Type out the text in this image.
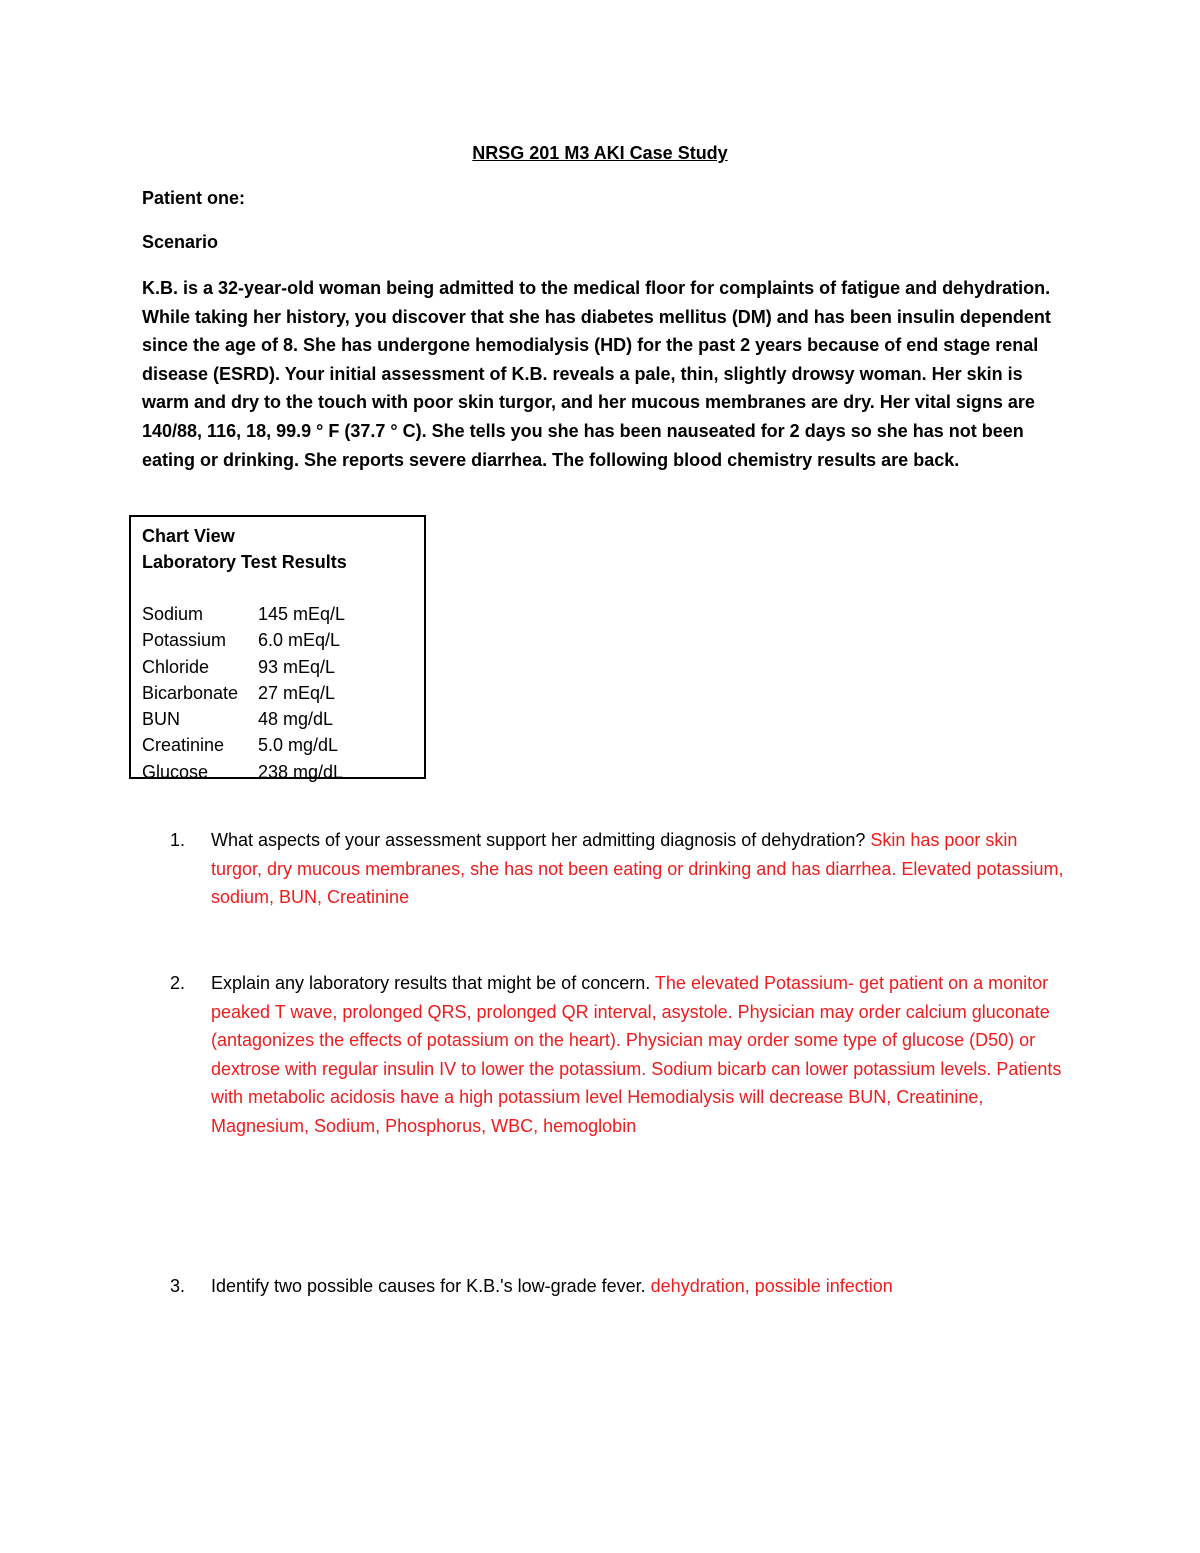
NRSG 201 M3 AKI Case Study
Patient one:
Scenario
K.B. is a 32-year-old woman being admitted to the medical floor for complaints of fatigue and dehydration. While taking her history, you discover that she has diabetes mellitus (DM) and has been insulin dependent since the age of 8. She has undergone hemodialysis (HD) for the past 2 years because of end stage renal disease (ESRD). Your initial assessment of K.B. reveals a pale, thin, slightly drowsy woman. Her skin is warm and dry to the touch with poor skin turgor, and her mucous membranes are dry. Her vital signs are 140/88, 116, 18, 99.9 ° F (37.7 ° C). She tells you she has been nauseated for 2 days so she has not been eating or drinking. She reports severe diarrhea. The following blood chemistry results are back.
Chart View
Laboratory Test Results
Sodium	145 mEq/L
Potassium	6.0 mEq/L
Chloride	93 mEq/L
Bicarbonate	27 mEq/L
BUN	48 mg/dL
Creatinine	5.0 mg/dL
Glucose	238 mg/dL
1. What aspects of your assessment support her admitting diagnosis of dehydration? Skin has poor skin turgor, dry mucous membranes, she has not been eating or drinking and has diarrhea. Elevated potassium, sodium, BUN, Creatinine
2. Explain any laboratory results that might be of concern. The elevated Potassium- get patient on a monitor peaked T wave, prolonged QRS, prolonged QR interval, asystole. Physician may order calcium gluconate (antagonizes the effects of potassium on the heart). Physician may order some type of glucose (D50) or dextrose with regular insulin IV to lower the potassium. Sodium bicarb can lower potassium levels. Patients with metabolic acidosis have a high potassium level Hemodialysis will decrease BUN, Creatinine, Magnesium, Sodium, Phosphorus, WBC, hemoglobin
3. Identify two possible causes for K.B.'s low-grade fever. dehydration, possible infection
